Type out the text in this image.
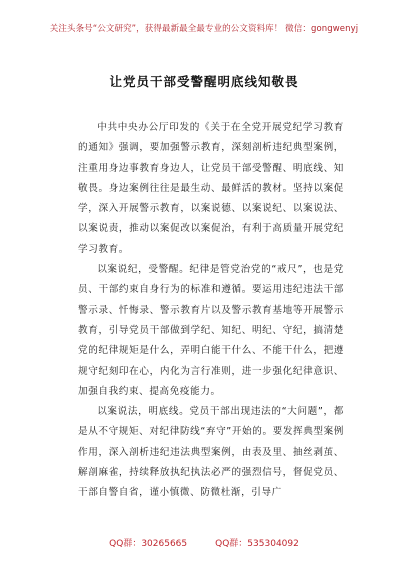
关注头条号“公文研究”，获得最新最全最专业的公文资料库！ 微信：gongwenyj
让党员干部受警醒明底线知敬畏

中共中央办公厅印发的《关于在全党开展党纪学习教育的通知》强调，要加强警示教育，深刻剖析违纪典型案例，注重用身边事教育身边人，让党员干部受警醒、明底线、知敬畏。身边案例往往是最生动、最鲜活的教材。坚持以案促学，深入开展警示教育，以案说德、以案说纪、以案说法、以案说责，推动以案促改以案促治，有利于高质量开展党纪学习教育。

以案说纪，受警醒。纪律是管党治党的“戒尺”，也是党员、干部约束自身行为的标准和遵循。要运用违纪违法干部警示录、忏悔录、警示教育片以及警示教育基地等开展警示教育，引导党员干部做到学纪、知纪、明纪、守纪，搞清楚党的纪律规矩是什么，弄明白能干什么、不能干什么，把遵规守纪刻印在心，内化为言行准则，进一步强化纪律意识、加强自我约束、提高免疫能力。

以案说法，明底线。党员干部出现违法的“大问题”，都是从不守规矩、对纪律防线“弃守”开始的。要发挥典型案例作用，深入剖析违纪违法典型案例，由表及里、抽丝剥茧、解剖麻雀，持续释放执纪执法必严的强烈信号，督促党员、干部自警自省，谨小慎微、防微杜渐，引导广

QQ群：30265665	QQ群：535304092
